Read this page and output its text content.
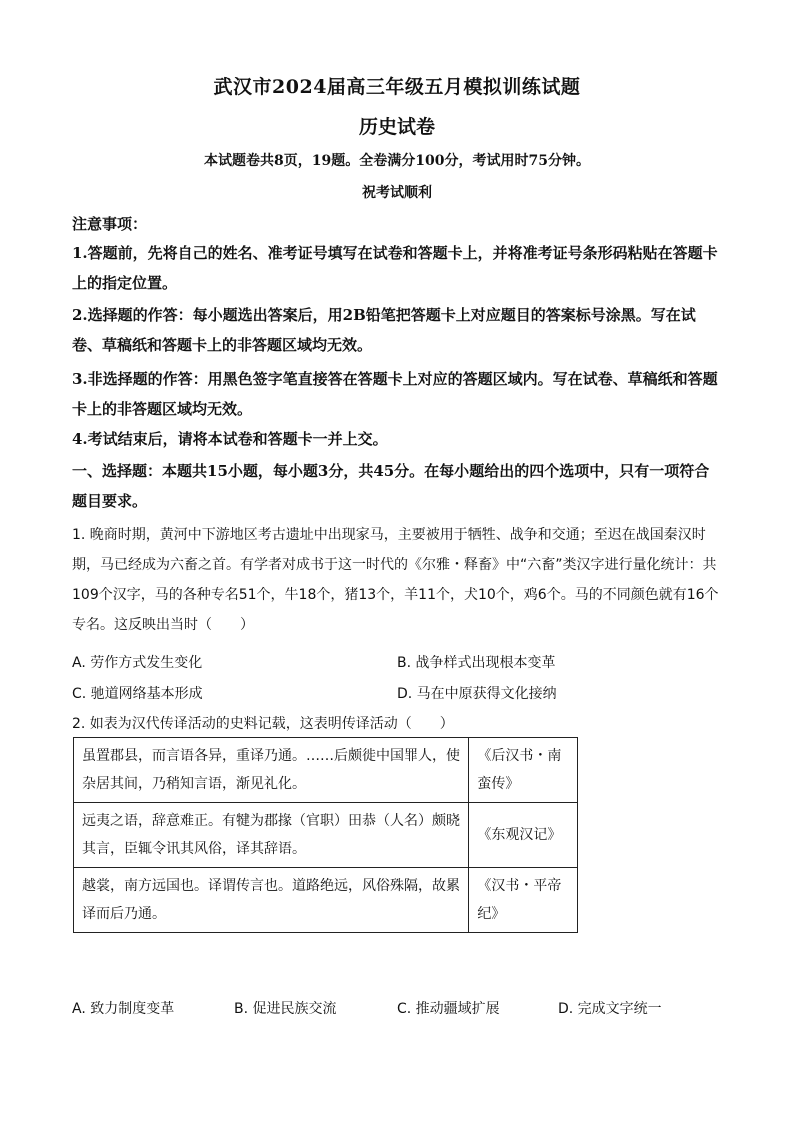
武汉市2024届高三年级五月模拟训练试题
历史试卷
本试题卷共8页，19题。全卷满分100分，考试用时75分钟。
祝考试顺利
注意事项：
1.答题前，先将自己的姓名、准考证号填写在试卷和答题卡上，并将准考证号条形码粘贴在答题卡上的指定位置。
2.选择题的作答：每小题选出答案后，用2B铅笔把答题卡上对应题目的答案标号涂黑。写在试卷、草稿纸和答题卡上的非答题区域均无效。
3.非选择题的作答：用黑色签字笔直接答在答题卡上对应的答题区域内。写在试卷、草稿纸和答题卡上的非答题区域均无效。
4.考试结束后，请将本试卷和答题卡一并上交。
一、选择题：本题共15小题，每小题3分，共45分。在每小题给出的四个选项中，只有一项符合题目要求。
1. 晚商时期，黄河中下游地区考古遗址中出现家马，主要被用于牺牲、战争和交通；至迟在战国秦汉时期，马已经成为六畜之首。有学者对成书于这一时代的《尔雅・释畜》中“六畜”类汉字进行量化统计：共109个汉字，马的各种专名51个，牛18个，猪13个，羊11个，犬10个，鸡6个。马的不同颜色就有16个专名。这反映出当时（　　）
A. 劳作方式发生变化	B. 战争样式出现根本变革
C. 驰道网络基本形成	D. 马在中原获得文化接纳
2. 如表为汉代传译活动的史料记载，这表明传译活动（　　）
虽置郡县，而言语各异，重译乃通。……后颇徙中国罪人，使杂居其间，乃稍知言语，渐见礼化。	《后汉书・南蛮传》
远夷之语，辞意难正。有犍为郡掾（官职）田恭（人名）颇晓其言，臣辄令讯其风俗，译其辞语。	《东观汉记》
越裳，南方远国也。译谓传言也。道路绝远，风俗殊隔，故累译而后乃通。	《汉书・平帝纪》
A. 致力制度变革	B. 促进民族交流	C. 推动疆域扩展	D. 完成文字统一
